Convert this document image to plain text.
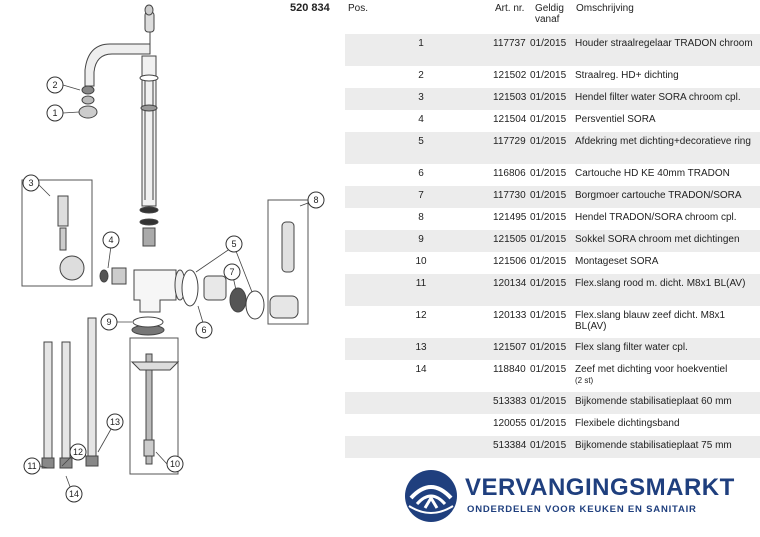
1
2
3
4	5
6
7
8
9
10
11
12
13
14
520 834 Pos.	Art. nr. Geldig vanaf
Omschrijving
1	117737 01/2015 Houder straalregelaar TRADON chroom
2	121502 01/2015 Straalreg. HD+ dichting
3	121503 01/2015 Hendel filter water SORA chroom cpl.
4	121504 01/2015 Persventiel SORA
5	117729 01/2015 Afdekring met dichting+decoratieve ring
6	116806 01/2015 Cartouche HD KE 40mm TRADON
7	117730 01/2015 Borgmoer cartouche TRADON/SORA
8	121495 01/2015 Hendel TRADON/SORA chroom cpl.
9	121505 01/2015 Sokkel SORA chroom met dichtingen
10	121506 01/2015 Montageset SORA
11	120134 01/2015 Flex.slang rood m. dicht. M8x1 BL(AV)
12	120133 01/2015 Flex.slang blauw zeef dicht. M8x1 BL(AV)
13	121507 01/2015 Flex slang filter water cpl.
14	118840 01/2015 Zeef met dichting voor hoekventiel
(2 st)
513383 01/2015 Bijkomende stabilisatieplaat 60 mm
120055 01/2015 Flexibele dichtingsband
513384 01/2015 Bijkomende stabilisatieplaat 75 mm
VERVANGINGSMARKT
ONDERDELEN VOOR KEUKEN EN SANITAIR
